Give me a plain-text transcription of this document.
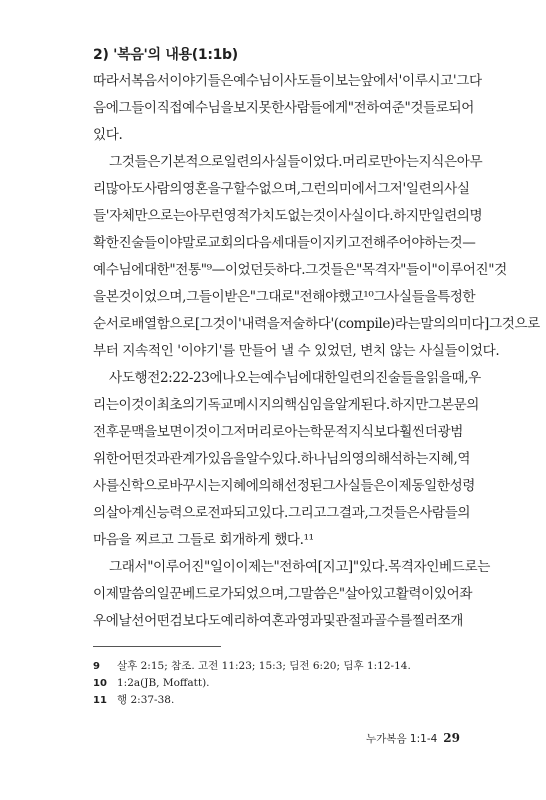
2) '복음'의 내용(1:1b)
따라서 복음서 이야기들은 예수님이 사도들이 보는 앞에서 '이루시고' 그다
음에 그들이 직접 예수님을 보지 못한 사람들에게 "전하여 준" 것들로 되어
있다.
그것들은 기본적으로 일련의 사실들이었다. 머리로만 아는 지식은 아무
리 많아도 사람의 영혼을 구할 수 없으며, 그런 의미에서 그저 '일련의 사실
들' 자체만으로는 아무런 영적 가치도 없는 것이 사실이다. 하지만 일련의 명
확한 진술들이야말로 교회의 다음 세대들이 지키고 전해 주어야 하는 것—
예수님에 대한 "전통"⁹—이었던 듯하다. 그것들은 "목격자"들이 "이루어진" 것
을 본 것이었으며, 그들이 받은 "그대로" 전해야 했고¹⁰ 그 사실들을 특정한
순서로 배열함으로[그것이 '내력을 저술하다'(compile)라는 말의 의미다] 그것으로
부터 지속적인 '이야기'를 만들어 낼 수 있었던, 변치 않는 사실들이었다.
사도행전 2:22-23에 나오는 예수님에 대한 일련의 진술들을 읽을 때, 우
리는 이것이 최초의 기독교 메시지의 핵심임을 알게 된다. 하지만 그 본문의
전후 문맥을 보면 이것이 그저 머리로 아는 학문적 지식보다 훨씬 더 광범
위한 어떤 것과 관계가 있음을 알 수 있다. 하나님의 영의 해석하는 지혜, 역
사를 신학으로 바꾸시는 지혜에 의해 선정된 그 사실들은 이제 동일한 성령
의 살아 계신 능력으로 전파되고 있다. 그리고 그 결과, 그것들은 사람들의
마음을 찌르고 그들로 회개하게 했다.¹¹
그래서 "이루어진" 일이 이제는 "전하여[지고]" 있다. 목격자인 베드로는
이제 말씀의 일꾼 베드로가 되었으며, 그 말씀은 "살아 있고 활력이 있어 좌
우에 날선 어떤 검보다도 예리하여 혼과 영과 및 관절과 골수를 찔러 쪼개
9	살후 2:15; 참조. 고전 11:23; 15:3; 딤전 6:20; 딤후 1:12-14.
10 1:2a(JB, Moffatt).
11 행 2:37-38.
누가복음 1:1-4 29
